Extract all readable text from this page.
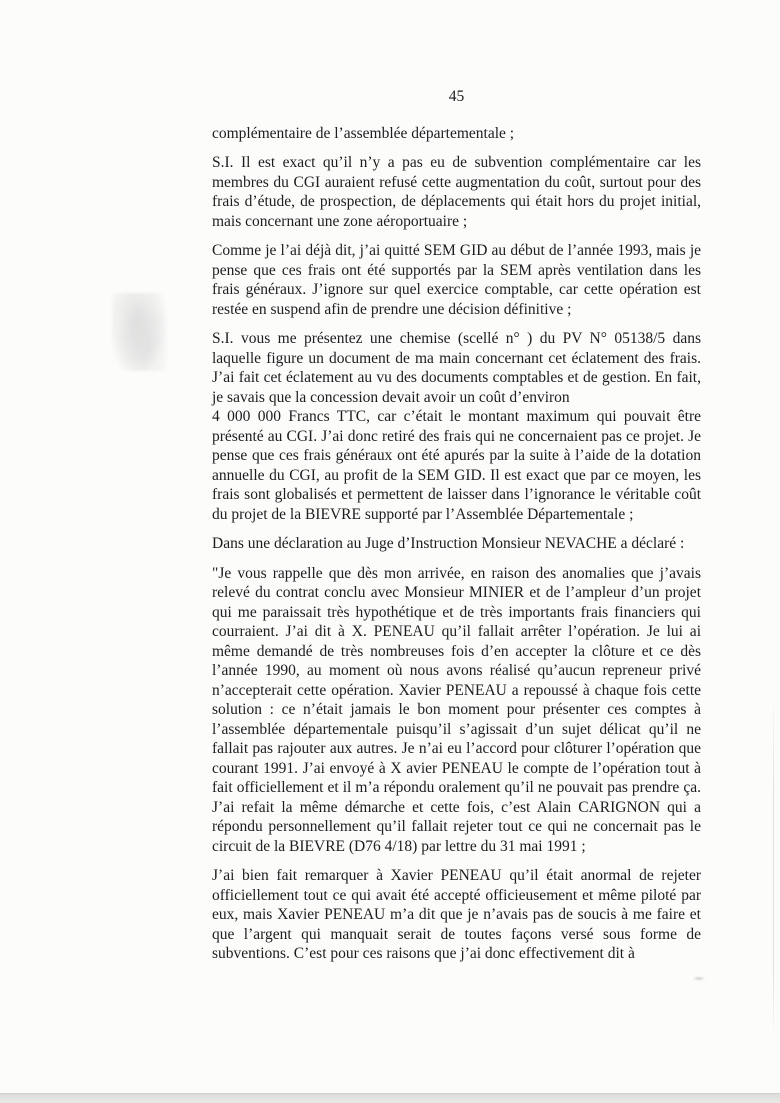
45

complémentaire de l’assemblée départementale ;

S.I. Il est exact qu’il n’y a pas eu de subvention complémentaire car les membres du CGI auraient refusé cette augmentation du coût, surtout pour des frais d’étude, de prospection, de déplacements qui était hors du projet initial, mais concernant une zone aéroportuaire ;

Comme je l’ai déjà dit, j’ai quitté SEM GID au début de l’année 1993, mais je pense que ces frais ont été supportés par la SEM après ventilation dans les frais généraux. J’ignore sur quel exercice comptable, car cette opération est restée en suspend afin de prendre une décision définitive ;

S.I. vous me présentez une chemise (scellé n° ) du PV N° 05138/5 dans laquelle figure un document de ma main concernant cet éclatement des frais. J’ai fait cet éclatement au vu des documents comptables et de gestion. En fait, je savais que la concession devait avoir un coût d’environ

4 000 000 Francs TTC, car c’était le montant maximum qui pouvait être présenté au CGI. J’ai donc retiré des frais qui ne concernaient pas ce projet. Je pense que ces frais généraux ont été apurés par la suite à l’aide de la dotation annuelle du CGI, au profit de la SEM GID. Il est exact que par ce moyen, les frais sont globalisés et permettent de laisser dans l’ignorance le véritable coût du projet de la BIEVRE supporté par l’Assemblée Départementale ;

Dans une déclaration au Juge d’Instruction Monsieur NEVACHE a déclaré :

"Je vous rappelle que dès mon arrivée, en raison des anomalies que j’avais relevé du contrat conclu avec Monsieur MINIER et de l’ampleur d’un projet qui me paraissait très hypothétique et de très importants frais financiers qui courraient. J’ai dit à X. PENEAU qu’il fallait arrêter l’opération. Je lui ai même demandé de très nombreuses fois d’en accepter la clôture et ce dès l’année 1990, au moment où nous avons réalisé qu’aucun repreneur privé n’accepterait cette opération. Xavier PENEAU a repoussé à chaque fois cette solution : ce n’était jamais le bon moment pour présenter ces comptes à l’assemblée départementale puisqu’il s’agissait d’un sujet délicat qu’il ne fallait pas rajouter aux autres. Je n’ai eu l’accord pour clôturer l’opération que courant 1991. J’ai envoyé à X avier PENEAU le compte de l’opération tout à fait officiellement et il m’a répondu oralement qu’il ne pouvait pas prendre ça. J’ai refait la même démarche et cette fois, c’est Alain CARIGNON qui a répondu personnellement qu’il fallait rejeter tout ce qui ne concernait pas le circuit de la BIEVRE (D76 4/18) par lettre du 31 mai 1991 ;

J’ai bien fait remarquer à Xavier PENEAU qu’il était anormal de rejeter officiellement tout ce qui avait été accepté officieusement et même piloté par eux, mais Xavier PENEAU m’a dit que je n’avais pas de soucis à me faire et que l’argent qui manquait serait de toutes façons versé sous forme de subventions. C’est pour ces raisons que j’ai donc effectivement dit à
